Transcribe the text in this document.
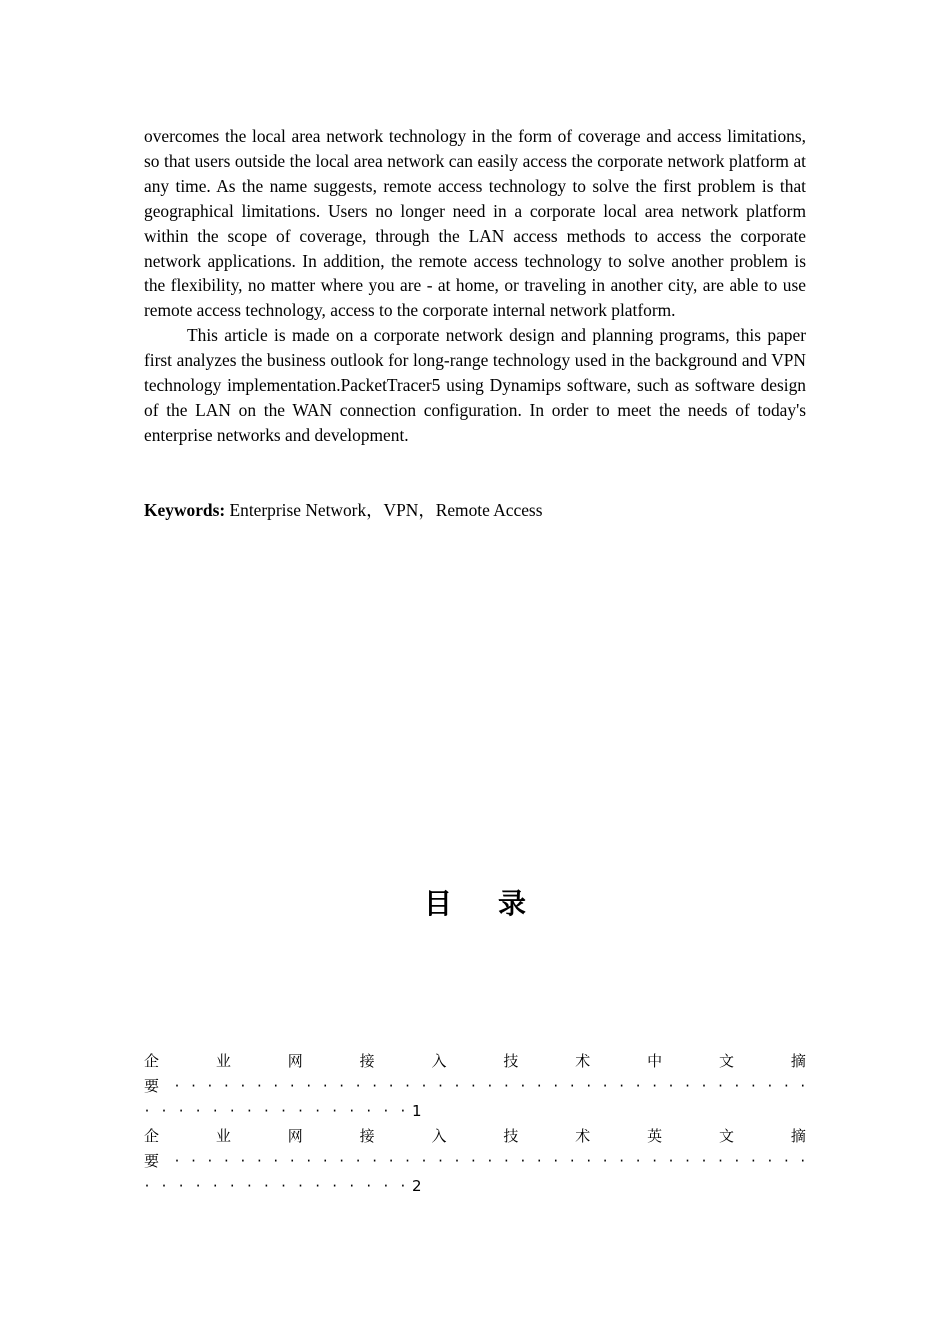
overcomes the local area network technology in the form of coverage and access limitations, so that users outside the local area network can easily access the corporate network platform at any time. As the name suggests, remote access technology to solve the first problem is that geographical limitations. Users no longer need in a corporate local area network platform within the scope of coverage, through the LAN access methods to access the corporate network applications. In addition, the remote access technology to solve another problem is the flexibility, no matter where you are - at home, or traveling in another city, are able to use remote access technology, access to the corporate internal network platform.

This article is made on a corporate network design and planning programs, this paper first analyzes the business outlook for long-range technology used in the background and VPN technology implementation.PacketTracer5 using Dynamips software, such as software design of the LAN on the WAN connection configuration. In order to meet the needs of today's enterprise networks and development.

Keywords: Enterprise Network，VPN，Remote Access
目 录
企	业	网	接	入	技	术	中	文	摘
要 · · · · · · · · · · · · · · · · · · · · · · · · · · · · · · · · · · · · · · ·
· · · · · · · · · · · · · · · · 1
企	业	网	接	入	技	术	英	文	摘
要 · · · · · · · · · · · · · · · · · · · · · · · · · · · · · · · · · · · · · · ·
· · · · · · · · · · · · · · · · 2
